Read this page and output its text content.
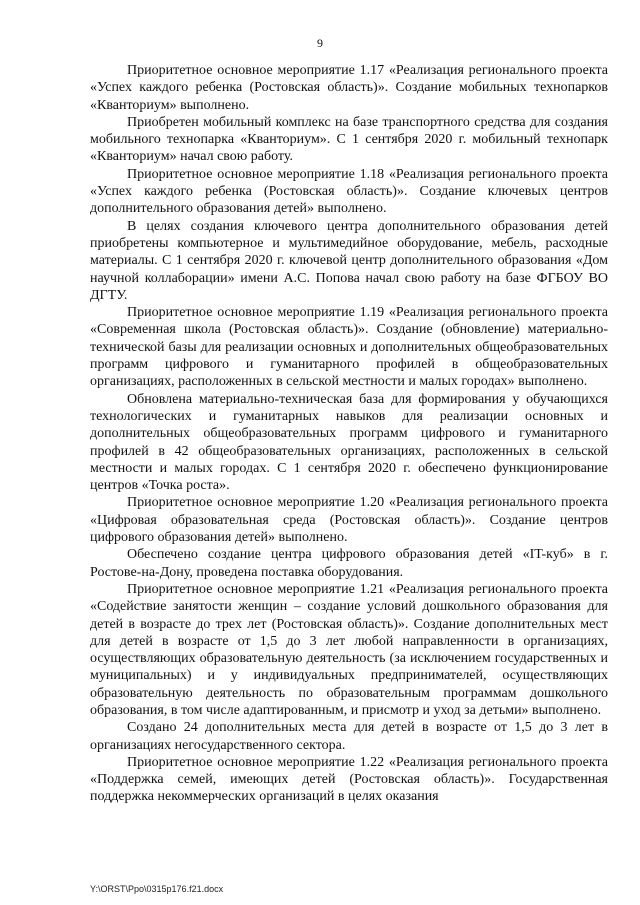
9

Приоритетное основное мероприятие 1.17 «Реализация регионального проекта «Успех каждого ребенка (Ростовская область)». Создание мобильных технопарков «Кванториум» выполнено.

Приобретен мобильный комплекс на базе транспортного средства для создания мобильного технопарка «Кванториум». С 1 сентября 2020 г. мобильный технопарк «Кванториум» начал свою работу.

Приоритетное основное мероприятие 1.18 «Реализация регионального проекта «Успех каждого ребенка (Ростовская область)». Создание ключевых центров дополнительного образования детей» выполнено.

В целях создания ключевого центра дополнительного образования детей приобретены компьютерное и мультимедийное оборудование, мебель, расходные материалы. С 1 сентября 2020 г. ключевой центр дополнительного образования «Дом научной коллаборации» имени А.С. Попова начал свою работу на базе ФГБОУ ВО ДГТУ.

Приоритетное основное мероприятие 1.19 «Реализация регионального проекта «Современная школа (Ростовская область)». Создание (обновление) материально-технической базы для реализации основных и дополнительных общеобразовательных программ цифрового и гуманитарного профилей в общеобразовательных организациях, расположенных в сельской местности и малых городах» выполнено.

Обновлена материально-техническая база для формирования у обучающихся технологических и гуманитарных навыков для реализации основных и дополнительных общеобразовательных программ цифрового и гуманитарного профилей в 42 общеобразовательных организациях, расположенных в сельской местности и малых городах. С 1 сентября 2020 г. обеспечено функционирование центров «Точка роста».

Приоритетное основное мероприятие 1.20 «Реализация регионального проекта «Цифровая образовательная среда (Ростовская область)». Создание центров цифрового образования детей» выполнено.

Обеспечено создание центра цифрового образования детей «IT-куб» в г. Ростове-на-Дону, проведена поставка оборудования.

Приоритетное основное мероприятие 1.21 «Реализация регионального проекта «Содействие занятости женщин – создание условий дошкольного образования для детей в возрасте до трех лет (Ростовская область)». Создание дополнительных мест для детей в возрасте от 1,5 до 3 лет любой направленности в организациях, осуществляющих образовательную деятельность (за исключением государственных и муниципальных) и у индивидуальных предпринимателей, осуществляющих образовательную деятельность по образовательным программам дошкольного образования, в том числе адаптированным, и присмотр и уход за детьми» выполнено.

Создано 24 дополнительных места для детей в возрасте от 1,5 до 3 лет в организациях негосударственного сектора.

Приоритетное основное мероприятие 1.22 «Реализация регионального проекта «Поддержка семей, имеющих детей (Ростовская область)». Государственная поддержка некоммерческих организаций в целях оказания

Y:\ORST\Ppo\0315p176.f21.docx
